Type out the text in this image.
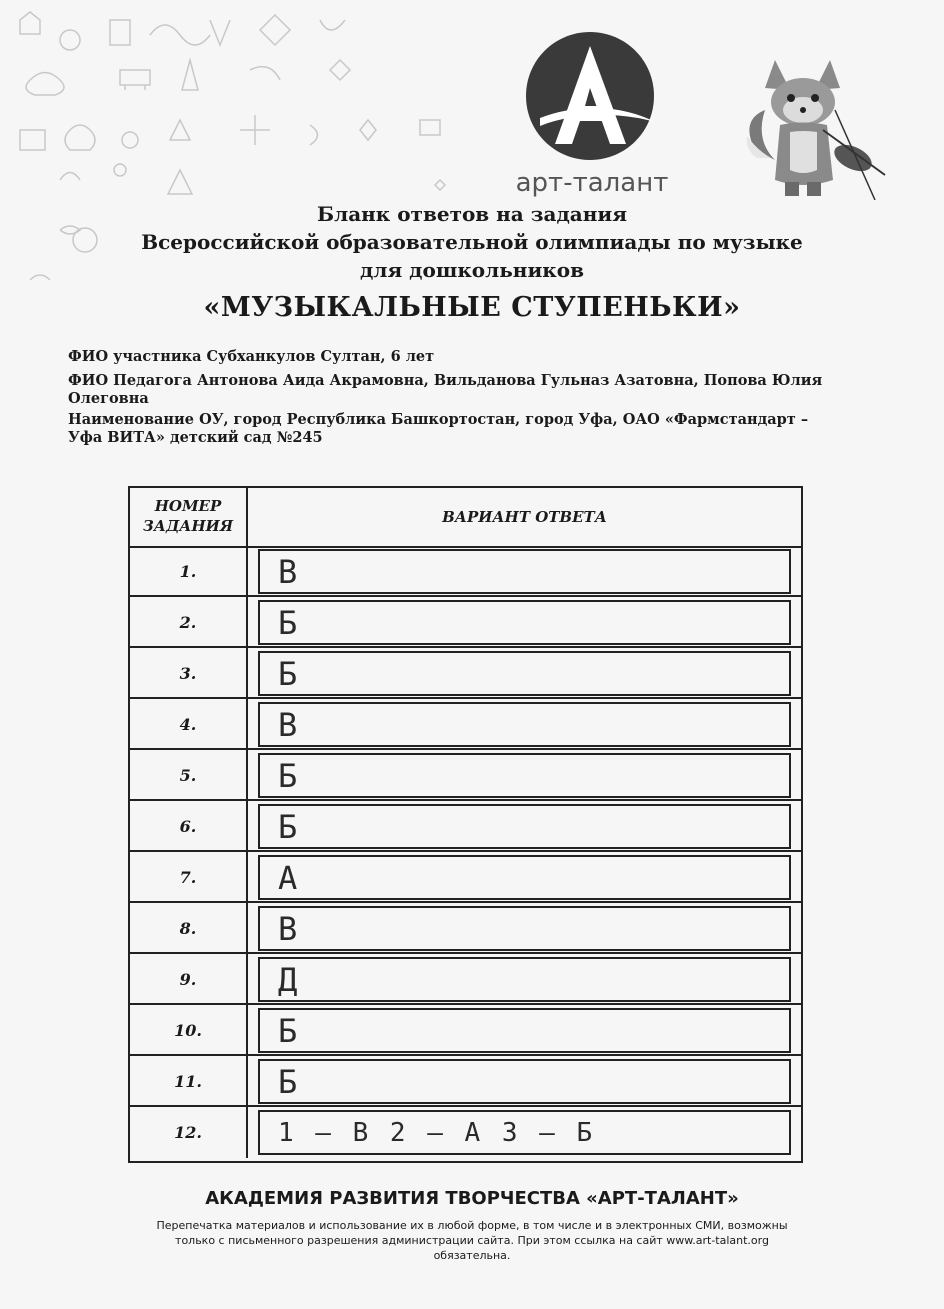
арт-талант
Бланк ответов на задания
Всероссийской образовательной олимпиады по музыке
для дошкольников
«МУЗЫКАЛЬНЫЕ СТУПЕНЬКИ»
ФИО участника Субханкулов Султан, 6 лет
ФИО Педагога Антонова Аида Акрамовна, Вильданова Гульназ Азатовна, Попова Юлия Олеговна
Наименование ОУ, город Республика Башкортостан, город Уфа, ОАО «Фармстандарт – Уфа ВИТА» детский сад №245
НОМЕР ЗАДАНИЯ	ВАРИАНТ ОТВЕТА
1.	В
2.	Б
3.	Б
4.	В
5.	Б
6.	Б
7.	А
8.	В
9.	Д
10.	Б
11.	Б
12.	1 – В 2 – А 3 – Б
АКАДЕМИЯ РАЗВИТИЯ ТВОРЧЕСТВА «АРТ-ТАЛАНТ»
Перепечатка материалов и использование их в любой форме, в том числе и в электронных СМИ, возможны только с письменного разрешения администрации сайта. При этом ссылка на сайт www.art-talant.org обязательна.
